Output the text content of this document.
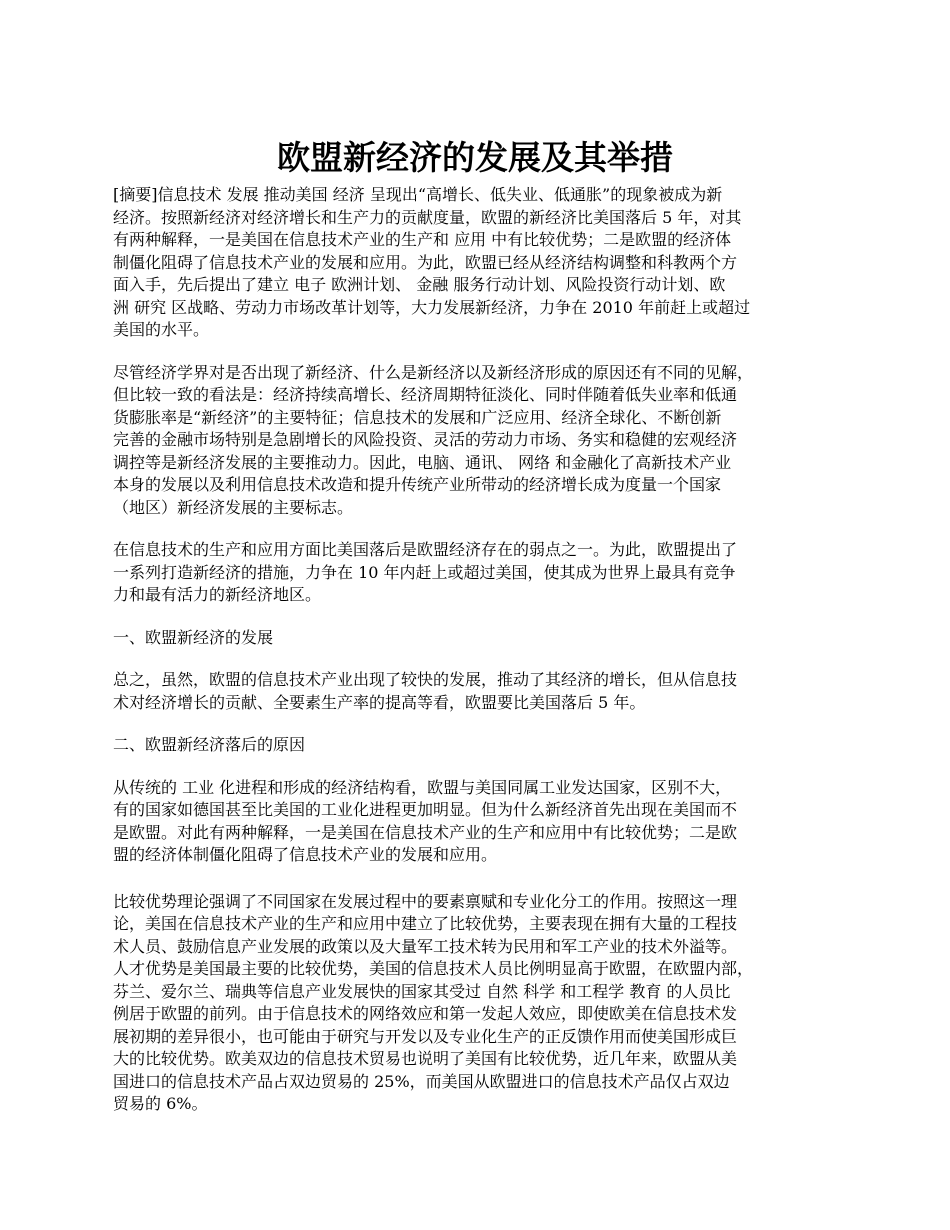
欧盟新经济的发展及其举措
[摘要]信息技术 发展 推动美国 经济 呈现出“高增长、低失业、低通胀”的现象被成为新
经济。按照新经济对经济增长和生产力的贡献度量，欧盟的新经济比美国落后 5 年，对其
有两种解释，一是美国在信息技术产业的生产和 应用 中有比较优势；二是欧盟的经济体
制僵化阻碍了信息技术产业的发展和应用。为此，欧盟已经从经济结构调整和科教两个方
面入手，先后提出了建立 电子 欧洲计划、 金融 服务行动计划、风险投资行动计划、欧
洲 研究 区战略、劳动力市场改革计划等，大力发展新经济，力争在 2010 年前赶上或超过
美国的水平。
尽管经济学界对是否出现了新经济、什么是新经济以及新经济形成的原因还有不同的见解，
但比较一致的看法是：经济持续高增长、经济周期特征淡化、同时伴随着低失业率和低通
货膨胀率是“新经济”的主要特征；信息技术的发展和广泛应用、经济全球化、不断创新
完善的金融市场特别是急剧增长的风险投资、灵活的劳动力市场、务实和稳健的宏观经济
调控等是新经济发展的主要推动力。因此，电脑、通讯、 网络 和金融化了高新技术产业
本身的发展以及利用信息技术改造和提升传统产业所带动的经济增长成为度量一个国家
（地区）新经济发展的主要标志。
在信息技术的生产和应用方面比美国落后是欧盟经济存在的弱点之一。为此，欧盟提出了
一系列打造新经济的措施，力争在 10 年内赶上或超过美国，使其成为世界上最具有竞争
力和最有活力的新经济地区。
一、欧盟新经济的发展
总之，虽然，欧盟的信息技术产业出现了较快的发展，推动了其经济的增长，但从信息技
术对经济增长的贡献、全要素生产率的提高等看，欧盟要比美国落后 5 年。
二、欧盟新经济落后的原因
从传统的 工业 化进程和形成的经济结构看，欧盟与美国同属工业发达国家，区别不大，
有的国家如德国甚至比美国的工业化进程更加明显。但为什么新经济首先出现在美国而不
是欧盟。对此有两种解释，一是美国在信息技术产业的生产和应用中有比较优势；二是欧
盟的经济体制僵化阻碍了信息技术产业的发展和应用。
比较优势理论强调了不同国家在发展过程中的要素禀赋和专业化分工的作用。按照这一理
论，美国在信息技术产业的生产和应用中建立了比较优势，主要表现在拥有大量的工程技
术人员、鼓励信息产业发展的政策以及大量军工技术转为民用和军工产业的技术外溢等。
人才优势是美国最主要的比较优势，美国的信息技术人员比例明显高于欧盟，在欧盟内部，
芬兰、爱尔兰、瑞典等信息产业发展快的国家其受过 自然 科学 和工程学 教育 的人员比
例居于欧盟的前列。由于信息技术的网络效应和第一发起人效应，即使欧美在信息技术发
展初期的差异很小，也可能由于研究与开发以及专业化生产的正反馈作用而使美国形成巨
大的比较优势。欧美双边的信息技术贸易也说明了美国有比较优势，近几年来，欧盟从美
国进口的信息技术产品占双边贸易的 25%，而美国从欧盟进口的信息技术产品仅占双边
贸易的 6%。
